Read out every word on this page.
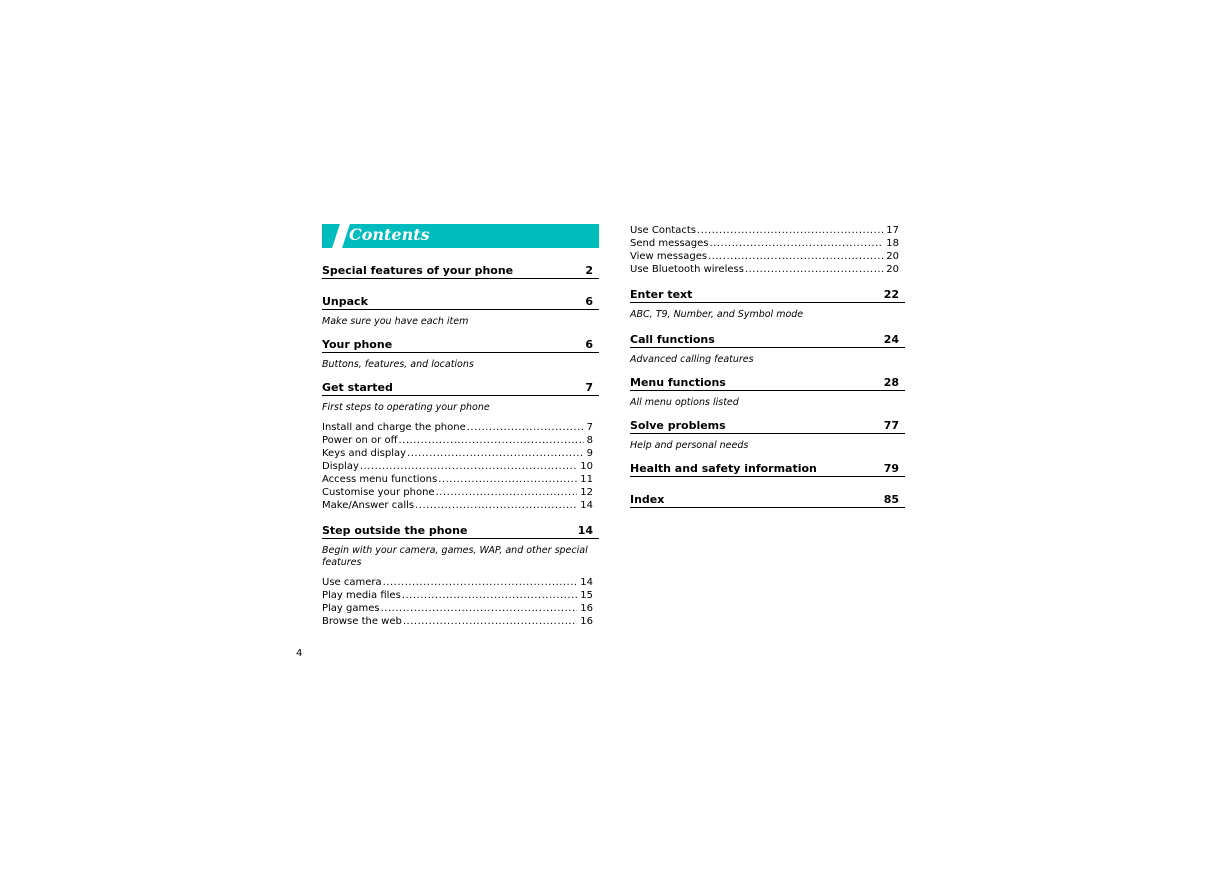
Contents
Special features of your phone	2
Unpack	6
Make sure you have each item
Your phone	6
Buttons, features, and locations
Get started	7
First steps to operating your phone
Install and charge the phone .....	7
Power on or off .....	8
Keys and display .....	9
Display .....	10
Access menu functions .....	11
Customise your phone .....	12
Make/Answer calls .....	14
Step outside the phone	14
Begin with your camera, games, WAP, and other special features
Use camera .....	14
Play media files .....	15
Play games .....	16
Browse the web .....	16
Use Contacts .....	17
Send messages .....	18
View messages .....	20
Use Bluetooth wireless .....	20
Enter text	22
ABC, T9, Number, and Symbol mode
Call functions	24
Advanced calling features
Menu functions	28
All menu options listed
Solve problems	77
Help and personal needs
Health and safety information	79
Index	85
4
